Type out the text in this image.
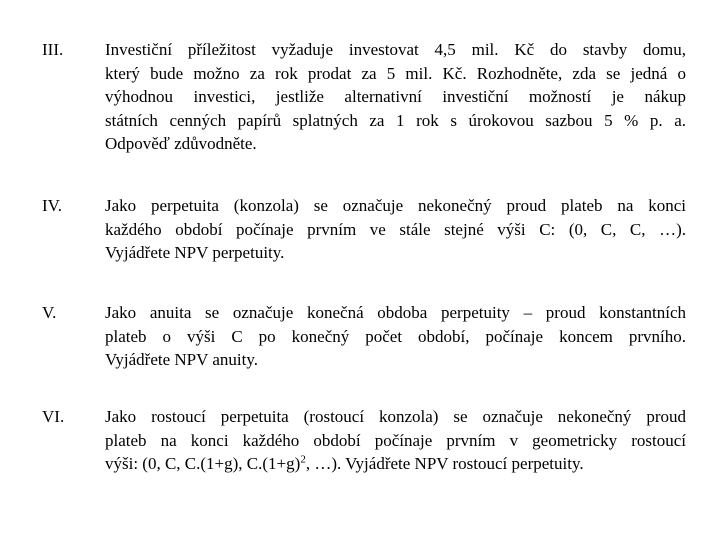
III. Investiční příležitost vyžaduje investovat 4,5 mil. Kč do stavby domu,
který bude možno za rok prodat za 5 mil. Kč. Rozhodněte, zda se jedná o
výhodnou investici, jestliže alternativní investiční možností je nákup
státních cenných papírů splatných za 1 rok s úrokovou sazbou 5 % p. a.
Odpověď zdůvodněte.
IV.	Jako perpetuita (konzola) se označuje nekonečný proud plateb na konci
každého období počínaje prvním ve stále stejné výši C: (0, C, C, …).
Vyjádřete NPV perpetuity.
V.	Jako anuita se označuje konečná obdoba perpetuity – proud konstantních
plateb o výši C po konečný počet období, počínaje koncem prvního.
Vyjádřete NPV anuity.
VI. Jako rostoucí perpetuita (rostoucí konzola) se označuje nekonečný proud
plateb na konci každého období počínaje prvním v geometricky rostoucí
výši: (0, C, C.(1+g), $C.(1+g)^2$, …). Vyjádřete NPV rostoucí perpetuity.
